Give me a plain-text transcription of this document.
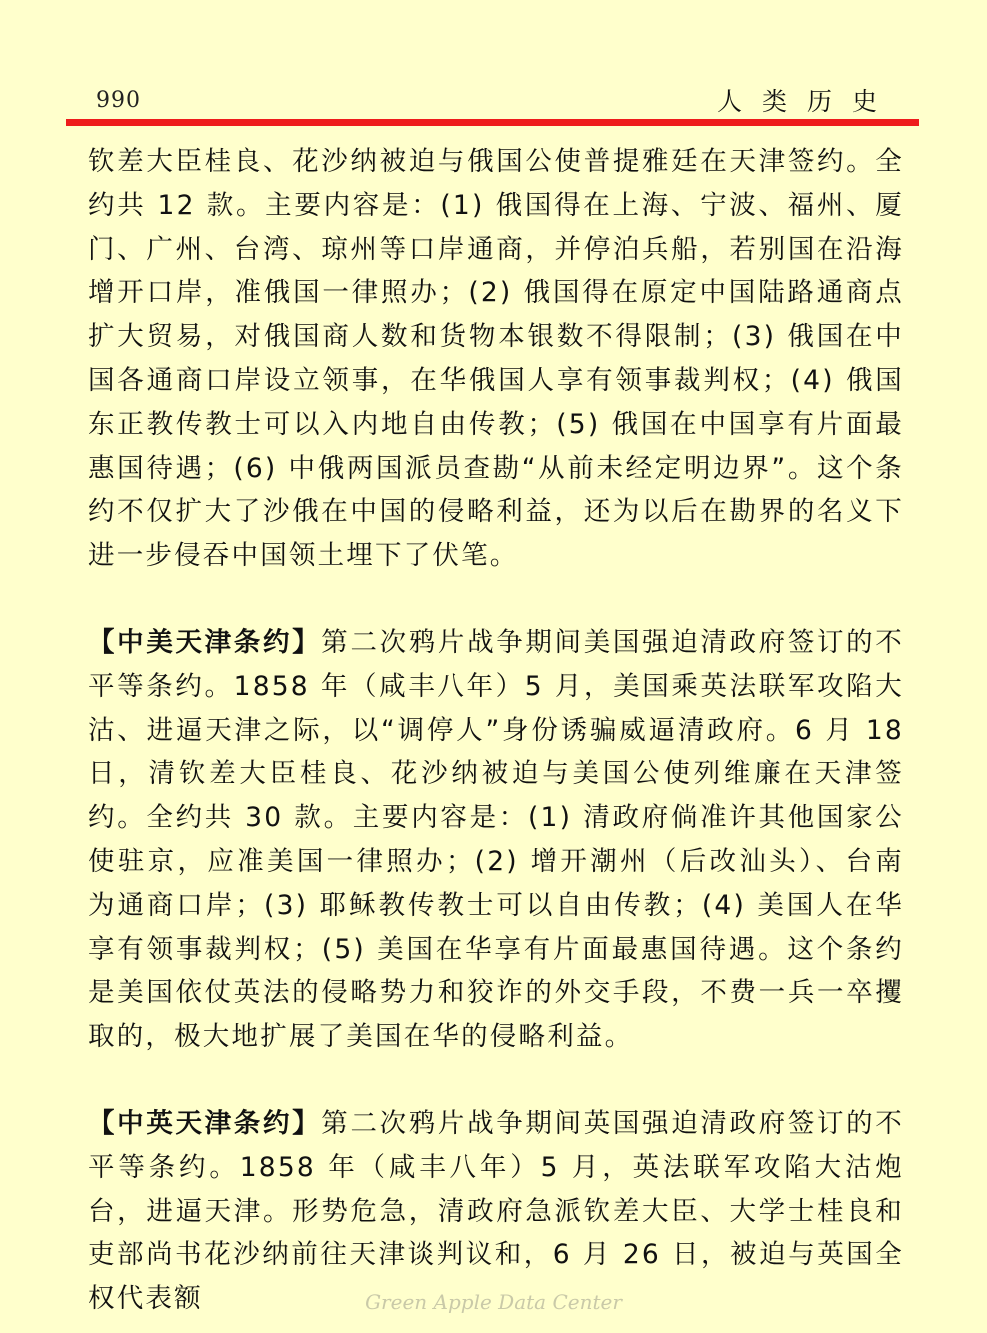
990	人类历史

钦差大臣桂良、花沙纳被迫与俄国公使普提雅廷在天津签约。全约共 12 款。主要内容是：(1) 俄国得在上海、宁波、福州、厦门、广州、台湾、琼州等口岸通商，并停泊兵船，若别国在沿海增开口岸，准俄国一律照办；(2) 俄国得在原定中国陆路通商点扩大贸易，对俄国商人数和货物本银数不得限制；(3) 俄国在中国各通商口岸设立领事，在华俄国人享有领事裁判权；(4) 俄国东正教传教士可以入内地自由传教；(5) 俄国在中国享有片面最惠国待遇；(6) 中俄两国派员查勘“从前未经定明边界”。这个条约不仅扩大了沙俄在中国的侵略利益，还为以后在勘界的名义下进一步侵吞中国领土埋下了伏笔。

【中美天津条约】第二次鸦片战争期间美国强迫清政府签订的不平等条约。1858 年（咸丰八年）5 月，美国乘英法联军攻陷大沽、进逼天津之际，以“调停人”身份诱骗威逼清政府。6 月 18 日，清钦差大臣桂良、花沙纳被迫与美国公使列维廉在天津签约。全约共 30 款。主要内容是：(1) 清政府倘准许其他国家公使驻京，应准美国一律照办；(2) 增开潮州（后改汕头）、台南为通商口岸；(3) 耶稣教传教士可以自由传教；(4) 美国人在华享有领事裁判权；(5) 美国在华享有片面最惠国待遇。这个条约是美国依仗英法的侵略势力和狡诈的外交手段，不费一兵一卒攫取的，极大地扩展了美国在华的侵略利益。

【中英天津条约】第二次鸦片战争期间英国强迫清政府签订的不平等条约。1858 年（咸丰八年）5 月，英法联军攻陷大沽炮台，进逼天津。形势危急，清政府急派钦差大臣、大学士桂良和吏部尚书花沙纳前往天津谈判议和，6 月 26 日，被迫与英国全权代表额	Green Apple Data Center
